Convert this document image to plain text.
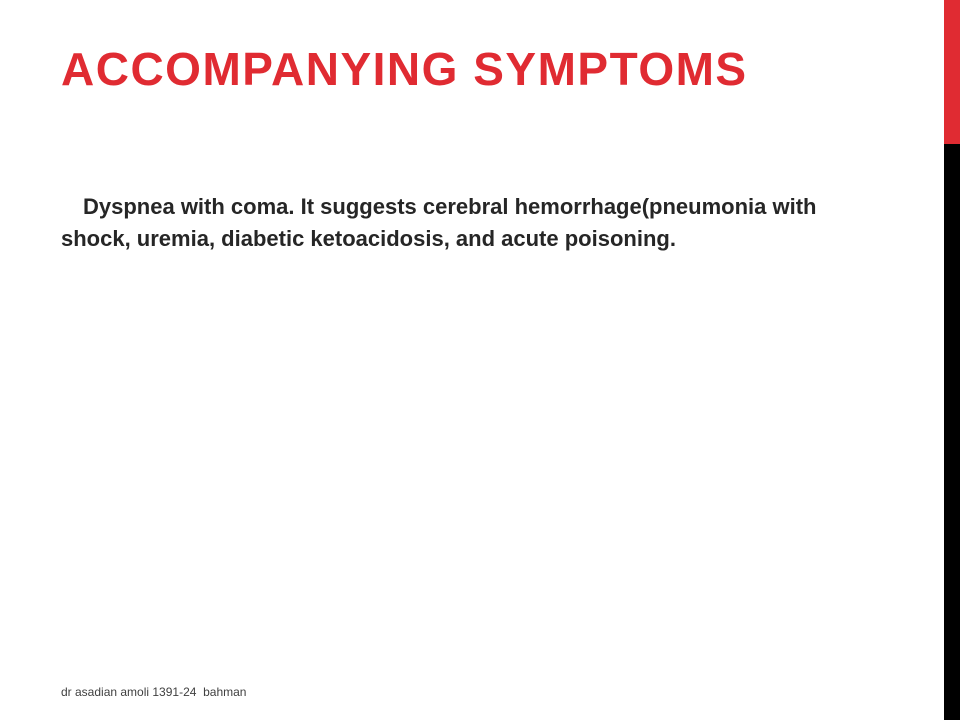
ACCOMPANYING SYMPTOMS

Dyspnea with coma. It suggests cerebral hemorrhage(pneumonia with shock, uremia, diabetic ketoacidosis, and acute poisoning.

dr asadian amoli 1391-24  bahman
